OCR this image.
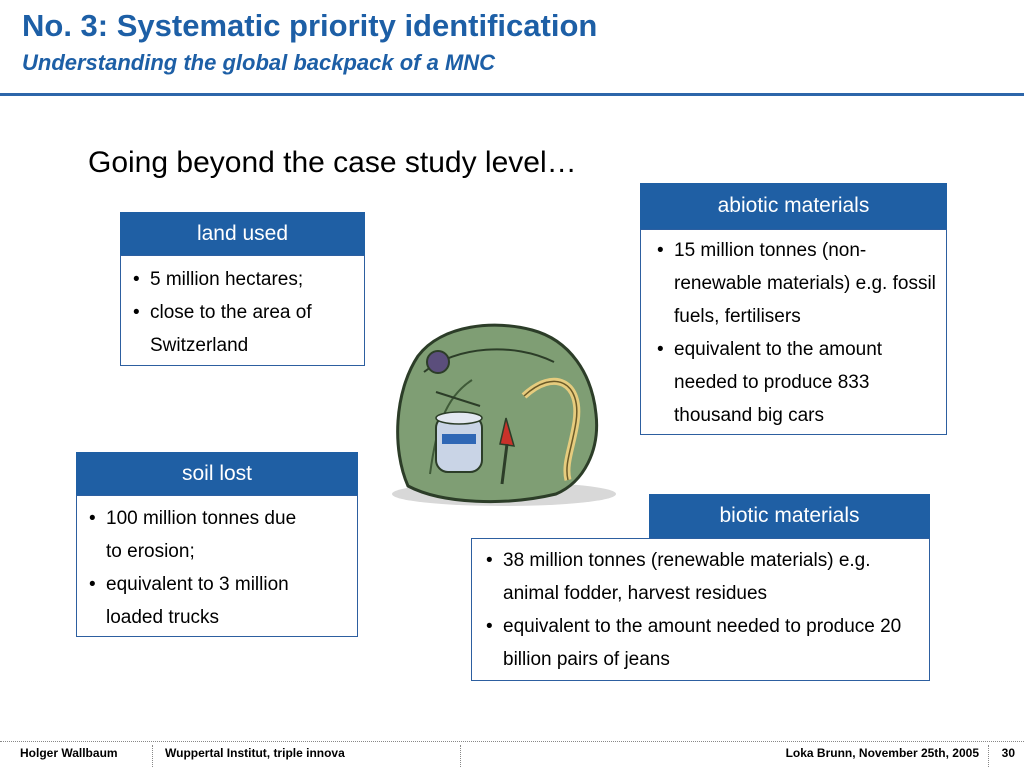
No. 3: Systematic priority identification
Understanding the global backpack of a MNC
Going beyond the case study level…
land used
• 5 million hectares;
• close to the area of Switzerland
soil lost
• 100 million tonnes due to erosion;
• equivalent to 3 million loaded trucks
abiotic materials
• 15 million tonnes (non-renewable materials) e.g. fossil fuels, fertilisers
• equivalent to the amount needed to produce 833 thousand big cars
biotic materials
• 38 million tonnes (renewable materials) e.g. animal fodder, harvest residues
• equivalent to the amount needed to produce 20 billion pairs of jeans
Holger Wallbaum	Wuppertal Institut, triple innova	Loka Brunn, November 25th, 2005 30
